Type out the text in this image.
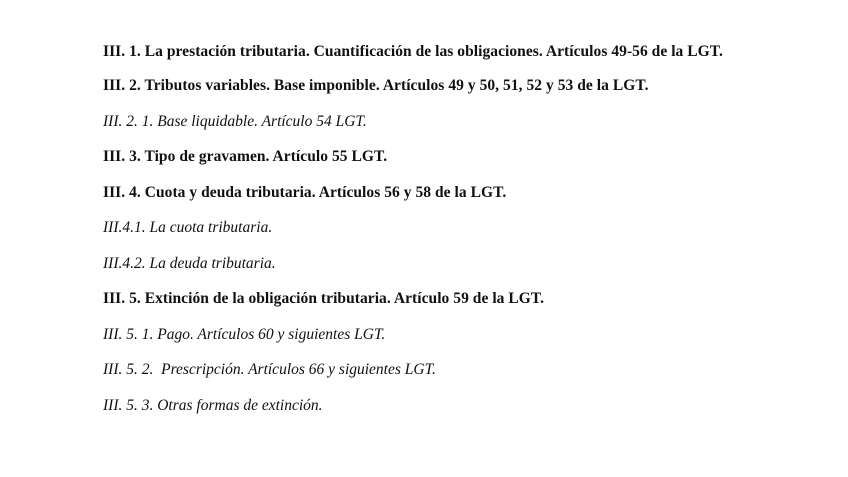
III. 1. La prestación tributaria. Cuantificación de las obligaciones. Artículos 49-56 de la LGT.
III. 2. Tributos variables. Base imponible. Artículos 49 y 50, 51, 52 y 53 de la LGT.
III. 2. 1. Base liquidable. Artículo 54 LGT.
III. 3. Tipo de gravamen. Artículo 55 LGT.
III. 4. Cuota y deuda tributaria. Artículos 56 y 58 de la LGT.
III.4.1. La cuota tributaria.
III.4.2. La deuda tributaria.
III. 5. Extinción de la obligación tributaria. Artículo 59 de la LGT.
III. 5. 1. Pago. Artículos 60 y siguientes LGT.
III. 5. 2.  Prescripción. Artículos 66 y siguientes LGT.
III. 5. 3. Otras formas de extinción.
